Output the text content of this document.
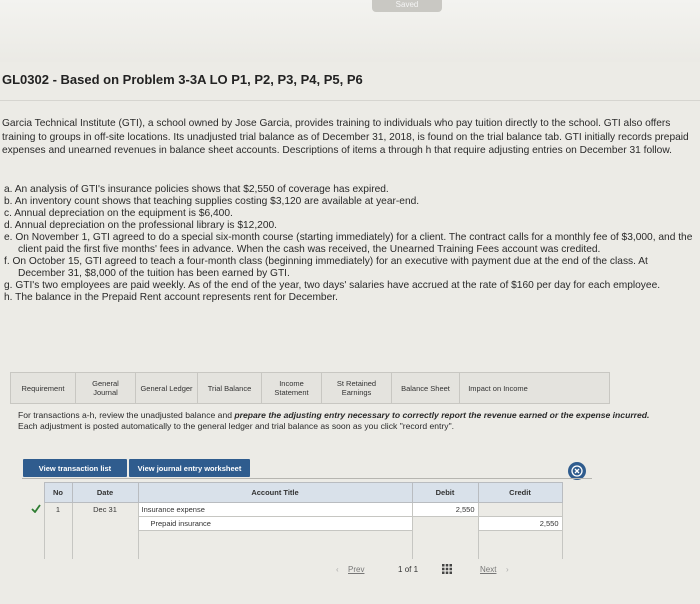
Saved
GL0302 - Based on Problem 3-3A LO P1, P2, P3, P4, P5, P6
Garcia Technical Institute (GTI), a school owned by Jose Garcia, provides training to individuals who pay tuition directly to the school. GTI also offers training to groups in off-site locations. Its unadjusted trial balance as of December 31, 2018, is found on the trial balance tab. GTI initially records prepaid expenses and unearned revenues in balance sheet accounts. Descriptions of items a through h that require adjusting entries on December 31 follow.
a. An analysis of GTI's insurance policies shows that $2,550 of coverage has expired.
b. An inventory count shows that teaching supplies costing $3,120 are available at year-end.
c. Annual depreciation on the equipment is $6,400.
d. Annual depreciation on the professional library is $12,200.
e. On November 1, GTI agreed to do a special six-month course (starting immediately) for a client. The contract calls for a monthly fee of $3,000, and the client paid the first five months' fees in advance. When the cash was received, the Unearned Training Fees account was credited.
f. On October 15, GTI agreed to teach a four-month class (beginning immediately) for an executive with payment due at the end of the class. At December 31, $8,000 of the tuition has been earned by GTI.
g. GTI's two employees are paid weekly. As of the end of the year, two days' salaries have accrued at the rate of $160 per day for each employee.
h. The balance in the Prepaid Rent account represents rent for December.
Requirement	General Journal	General Ledger	Trial Balance	Income Statement
St Retained Earnings	Balance Sheet	Impact on Income
For transactions a-h, review the unadjusted balance and prepare the adjusting entry necessary to correctly report the revenue earned or the expense incurred. Each adjustment is posted automatically to the general ledger and trial balance as soon as you click "record entry".
View transaction list	View journal entry worksheet
	No	Date	Account Title	Debit	Credit
	1	Dec 31	Insurance expense	2,550	
			Prepaid insurance		2,550

‹ Prev	1 of 1	Next ›
